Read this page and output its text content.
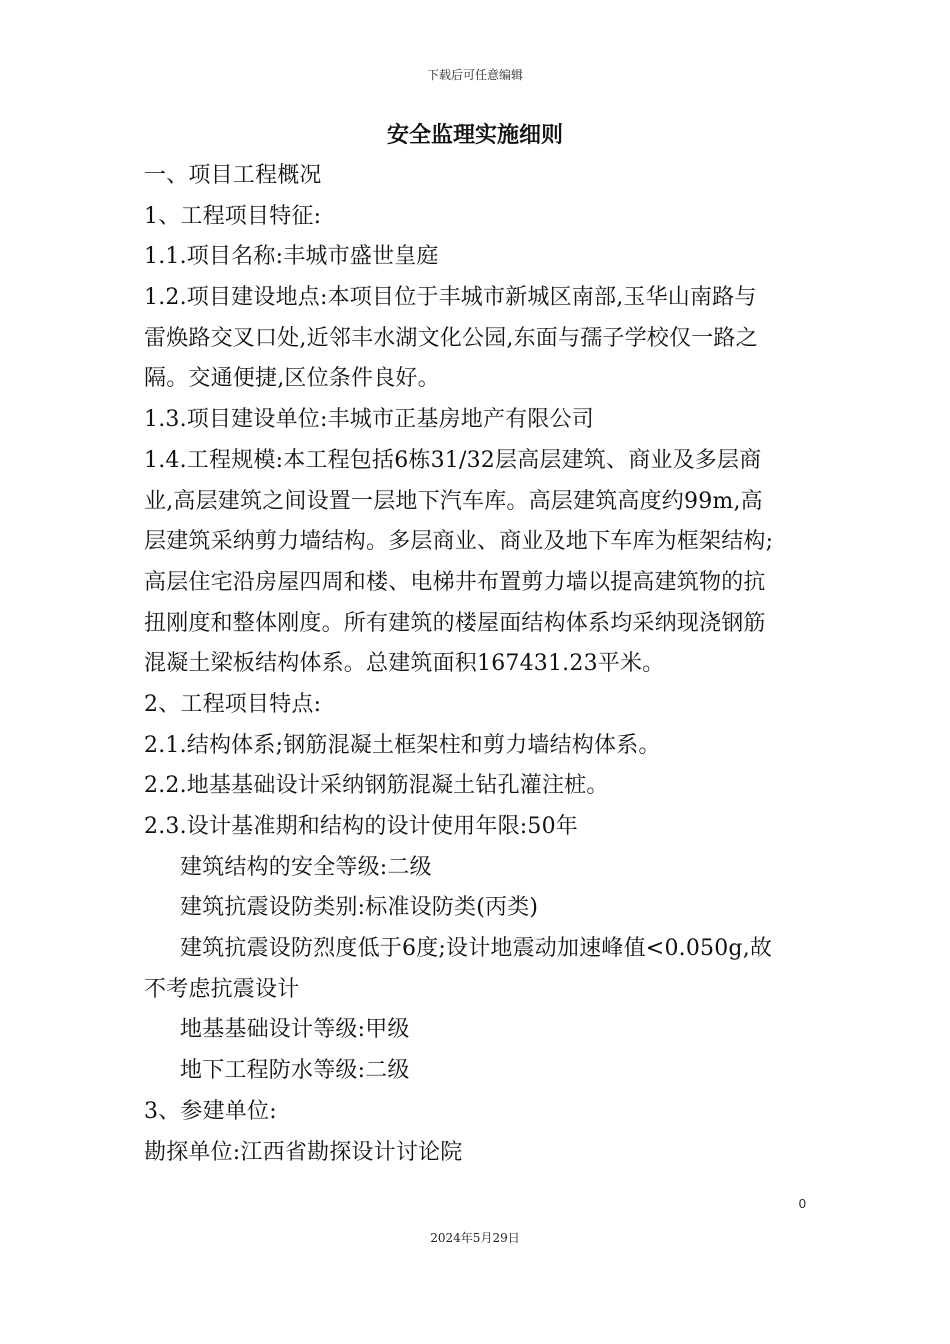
下载后可任意编辑
安全监理实施细则
一、项目工程概况
1、工程项目特征:
1.1.项目名称:丰城市盛世皇庭
1.2.项目建设地点:本项目位于丰城市新城区南部,玉华山南路与
雷焕路交叉口处,近邻丰水湖文化公园,东面与孺子学校仅一路之
隔。交通便捷,区位条件良好。
1.3.项目建设单位:丰城市正基房地产有限公司
1.4.工程规模:本工程包括6栋31/32层高层建筑、商业及多层商
业,高层建筑之间设置一层地下汽车库。高层建筑高度约99m,高
层建筑采纳剪力墙结构。多层商业、商业及地下车库为框架结构;
高层住宅沿房屋四周和楼、电梯井布置剪力墙以提高建筑物的抗
扭刚度和整体刚度。所有建筑的楼屋面结构体系均采纳现浇钢筋
混凝土梁板结构体系。总建筑面积167431.23平米。
2、工程项目特点:
2.1.结构体系;钢筋混凝土框架柱和剪力墙结构体系。
2.2.地基基础设计采纳钢筋混凝土钻孔灌注桩。
2.3.设计基准期和结构的设计使用年限:50年
建筑结构的安全等级:二级
建筑抗震设防类别:标准设防类(丙类)
建筑抗震设防烈度低于6度;设计地震动加速峰值<0.050g,故
不考虑抗震设计
地基基础设计等级:甲级
地下工程防水等级:二级
3、参建单位:
勘探单位:江西省勘探设计讨论院
0
2024年5月29日
